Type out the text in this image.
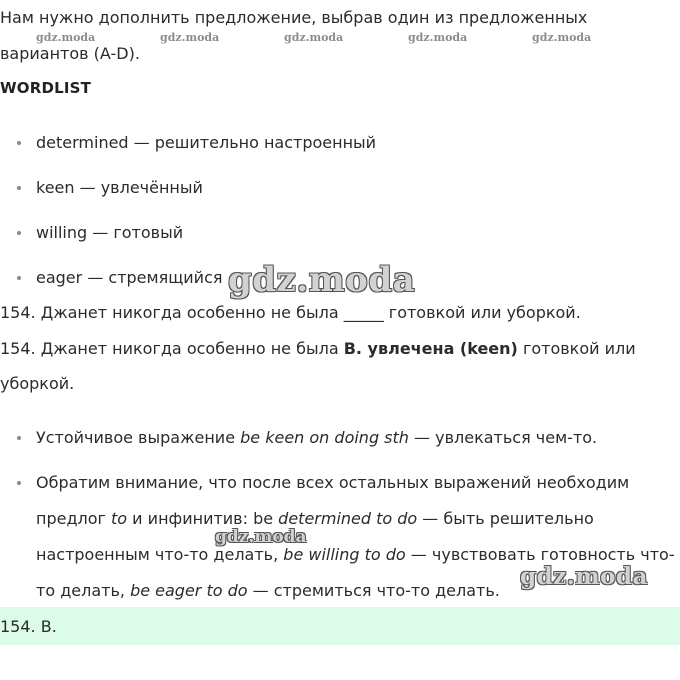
Нам нужно дополнить предложение, выбрав один из предложенных
вариантов (A-D).
gdz.moda	gdz.moda	gdz.moda	gdz.moda	gdz.moda
WORDLIST
determined — решительно настроенный
keen — увлечённый
willing — готовый
eager — стремящийся gdz.moda
154. Джанет никогда особенно не была _____ готовкой или уборкой.
154. Джанет никогда особенно не была B. увлечена (keen) готовкой или
уборкой.
Устойчивое выражение be keen on doing sth — увлекаться чем-то.
Обратим внимание, что после всех остальных выражений необходим
предлог to и инфинитив: be determined to do — быть решительно
настроенным что-то делать, be willing to do — чувствовать готовность что-
то делать, be eager to do — стремиться что-то делать.
gdz.moda
gdz.moda
154. B.
